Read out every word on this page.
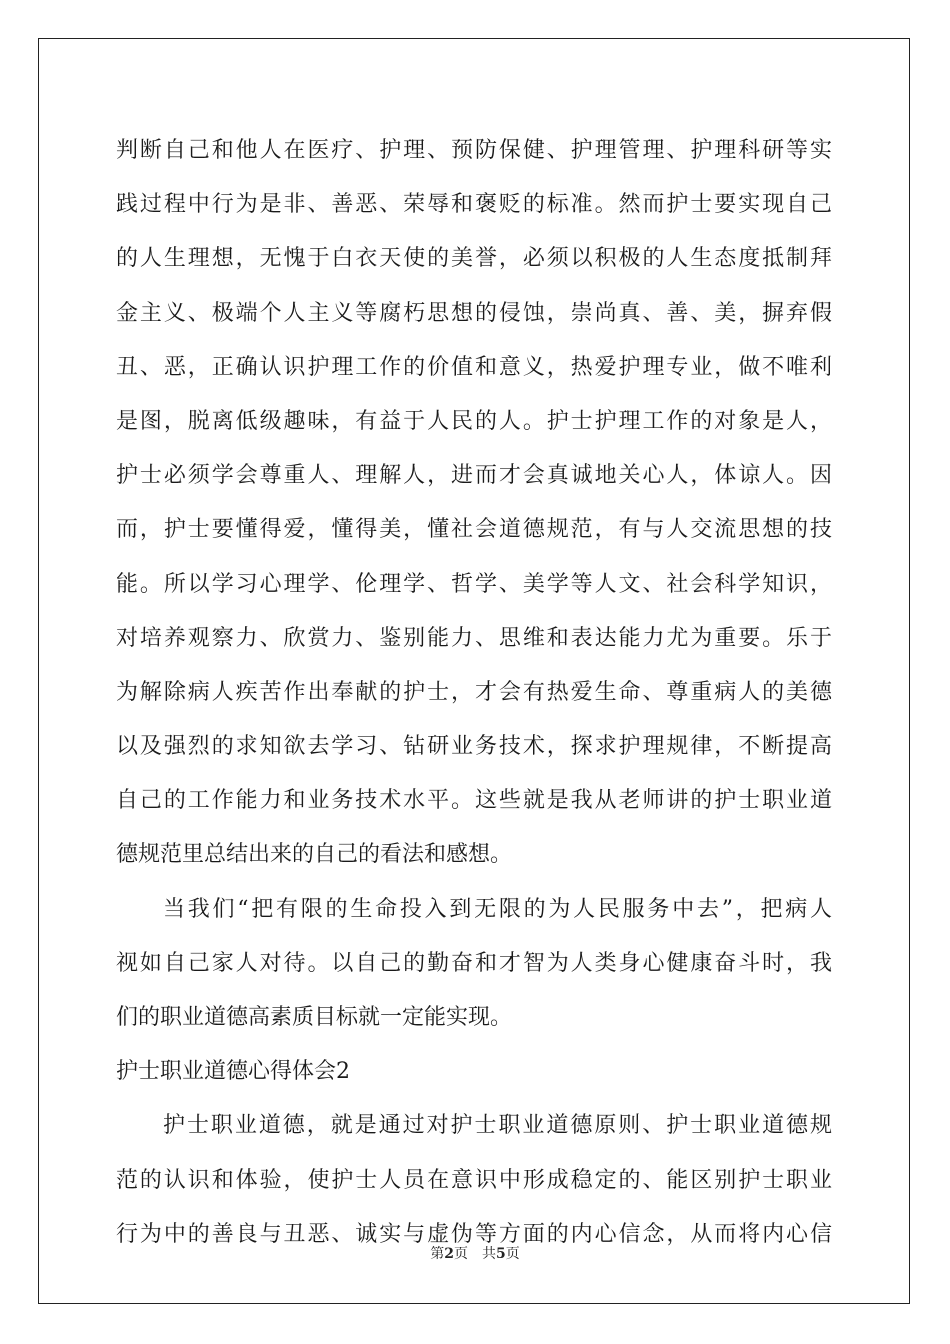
判断自己和他人在医疗、护理、预防保健、护理管理、护理科研等实
践过程中行为是非、善恶、荣辱和褒贬的标准。然而护士要实现自己
的人生理想，无愧于白衣天使的美誉，必须以积极的人生态度抵制拜
金主义、极端个人主义等腐朽思想的侵蚀，崇尚真、善、美，摒弃假
丑、恶，正确认识护理工作的价值和意义，热爱护理专业，做不唯利
是图，脱离低级趣味，有益于人民的人。护士护理工作的对象是人，
护士必须学会尊重人、理解人，进而才会真诚地关心人，体谅人。因
而，护士要懂得爱，懂得美，懂社会道德规范，有与人交流思想的技
能。所以学习心理学、伦理学、哲学、美学等人文、社会科学知识，
对培养观察力、欣赏力、鉴别能力、思维和表达能力尤为重要。乐于
为解除病人疾苦作出奉献的护士，才会有热爱生命、尊重病人的美德
以及强烈的求知欲去学习、钻研业务技术，探求护理规律，不断提高
自己的工作能力和业务技术水平。这些就是我从老师讲的护士职业道
德规范里总结出来的自己的看法和感想。
当我们“把有限的生命投入到无限的为人民服务中去”，把病人
视如自己家人对待。以自己的勤奋和才智为人类身心健康奋斗时，我
们的职业道德高素质目标就一定能实现。
护士职业道德心得体会2
护士职业道德，就是通过对护士职业道德原则、护士职业道德规
范的认识和体验，使护士人员在意识中形成稳定的、能区别护士职业
行为中的善良与丑恶、诚实与虚伪等方面的内心信念，从而将内心信
第2页 共5页
